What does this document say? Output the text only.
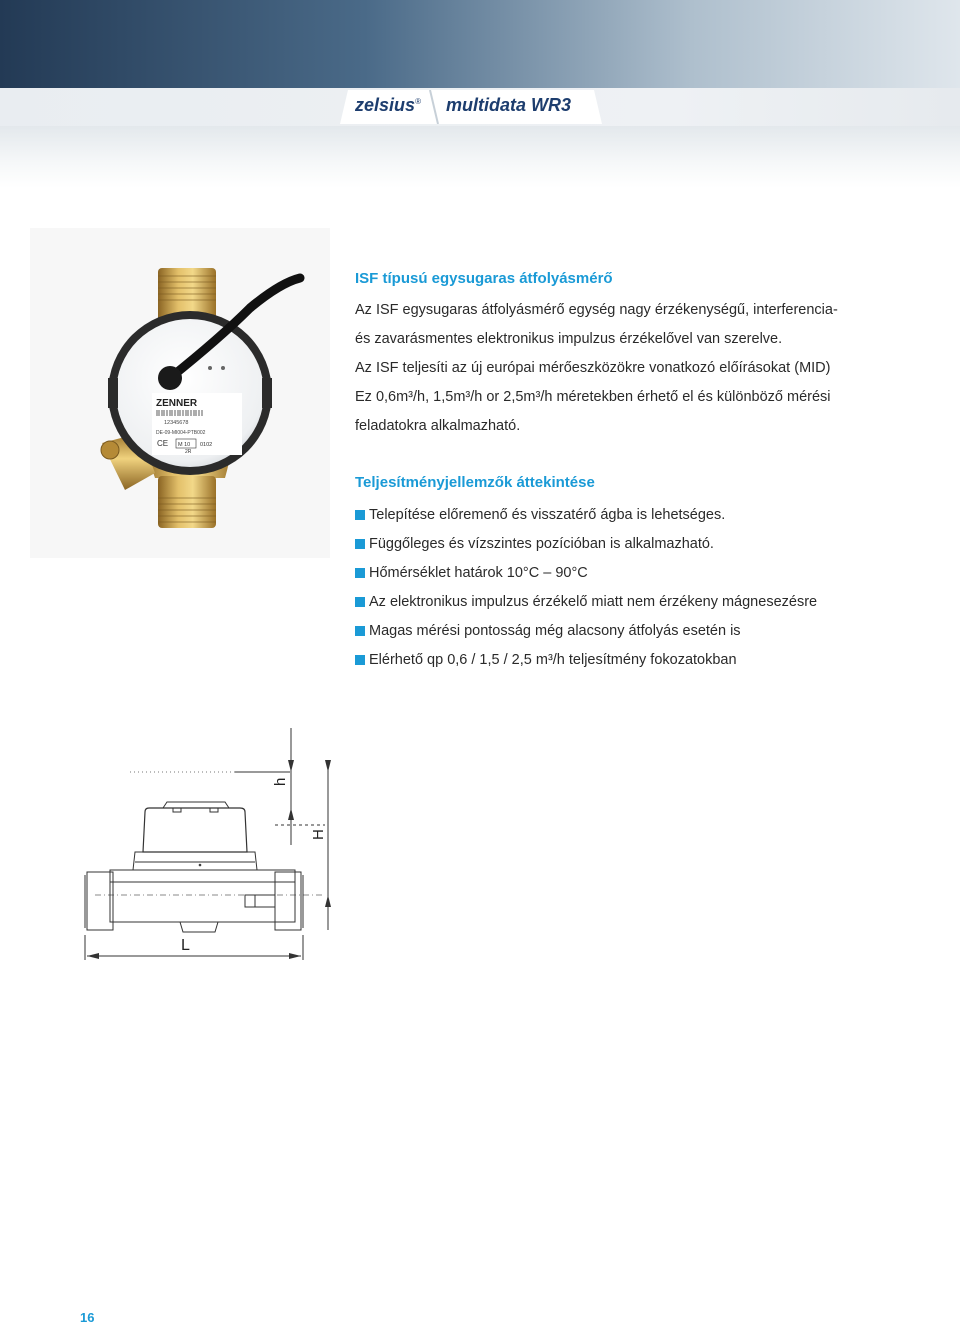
zelsius® multidata WR3
ZENNER
12345678
DE-09-MI004-PTB002
CE M 10 0102
2R
ISF típusú egysugaras átfolyásmérő
Az ISF egysugaras átfolyásmérő egység nagy érzékenységű, interferencia-
és zavarásmentes elektronikus impulzus érzékelővel van szerelve.
Az ISF teljesíti az új európai mérőeszközökre vonatkozó előírásokat (MID)
Ez 0,6m³/h, 1,5m³/h or 2,5m³/h méretekben érhető el és különböző mérési
feladatokra alkalmazható.
Teljesítményjellemzők áttekintése
Telepítése előremenő és visszatérő ágba is lehetséges.
Függőleges és vízszintes pozícióban is alkalmazható.
Hőmérséklet határok 10°C – 90°C
Az elektronikus impulzus érzékelő miatt nem érzékeny mágnesezésre
Magas mérési pontosság még alacsony átfolyás esetén is
Elérhető qp 0,6 / 1,5 / 2,5 m³/h teljesítmény fokozatokban
h
H
L
16
